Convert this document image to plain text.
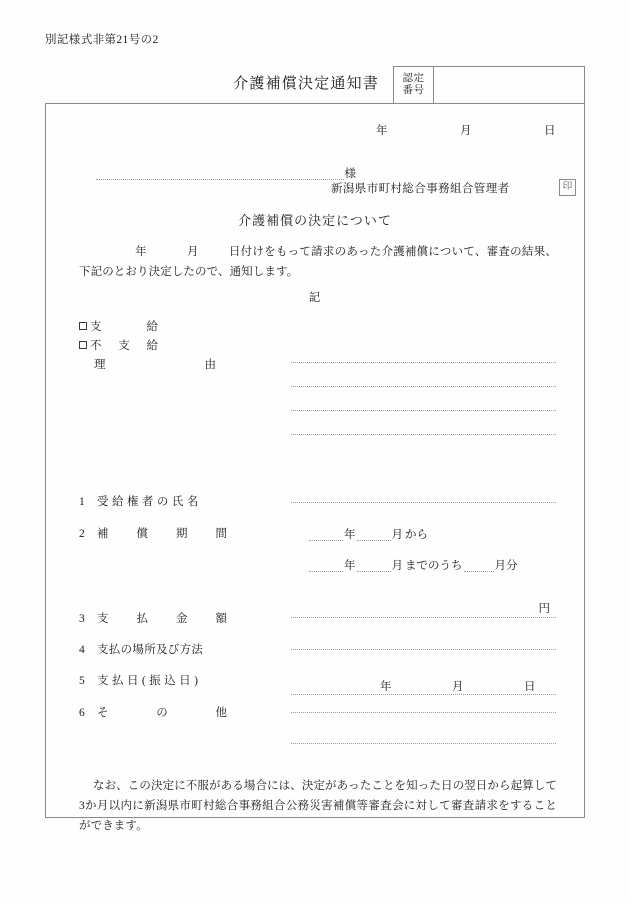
別記様式非第21号の2
介護補償決定通知書	認定
番号
年	月	日
様
新潟県市町村総合事務組合管理者	印
介護補償の決定について
年	月	日付けをもって請求のあった介護補償について、審査の結果、下記のとおり決定したので、通知します。
記
支	給
不 支 給
理	由
1	受 給 権 者 の 氏 名
2	補 償 期 間	年	月 から
年	月 までのうち	月分
3	支 払 金 額
円
4	支払の場所及び方法
5	支 払 日 ( 振 込 日 )	年	月	日
6	そ	の	他
なお、この決定に不服がある場合には、決定があったことを知った日の翌日から起算して3か月以内に新潟県市町村総合事務組合公務災害補償等審査会に対して審査請求をすることができます。
